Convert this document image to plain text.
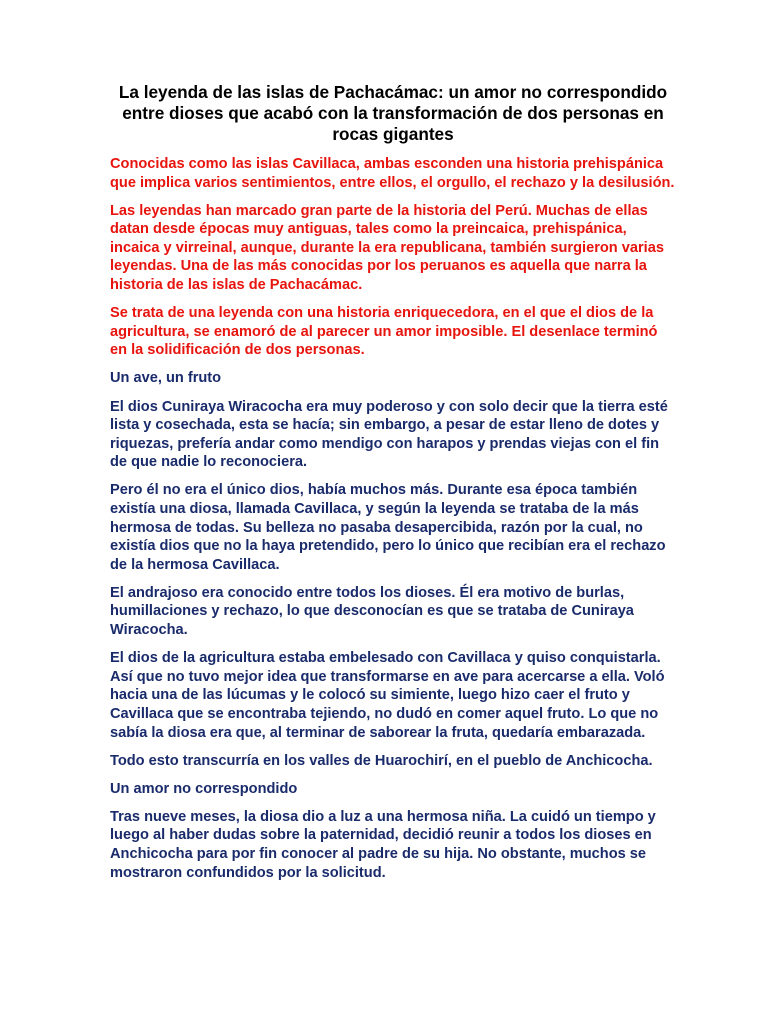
La leyenda de las islas de Pachacámac: un amor no correspondido entre dioses que acabó con la transformación de dos personas en rocas gigantes

Conocidas como las islas Cavillaca, ambas esconden una historia prehispánica que implica varios sentimientos, entre ellos, el orgullo, el rechazo y la desilusión.

Las leyendas han marcado gran parte de la historia del Perú. Muchas de ellas datan desde épocas muy antiguas, tales como la preincaica, prehispánica, incaica y virreinal, aunque, durante la era republicana, también surgieron varias leyendas. Una de las más conocidas por los peruanos es aquella que narra la historia de las islas de Pachacámac.

Se trata de una leyenda con una historia enriquecedora, en el que el dios de la agricultura, se enamoró de al parecer un amor imposible. El desenlace terminó en la solidificación de dos personas.

Un ave, un fruto

El dios Cuniraya Wiracocha era muy poderoso y con solo decir que la tierra esté lista y cosechada, esta se hacía; sin embargo, a pesar de estar lleno de dotes y riquezas, prefería andar como mendigo con harapos y prendas viejas con el fin de que nadie lo reconociera.

Pero él no era el único dios, había muchos más. Durante esa época también existía una diosa, llamada Cavillaca, y según la leyenda se trataba de la más hermosa de todas. Su belleza no pasaba desapercibida, razón por la cual, no existía dios que no la haya pretendido, pero lo único que recibían era el rechazo de la hermosa Cavillaca.

El andrajoso era conocido entre todos los dioses. Él era motivo de burlas, humillaciones y rechazo, lo que desconocían es que se trataba de Cuniraya Wiracocha.

El dios de la agricultura estaba embelesado con Cavillaca y quiso conquistarla. Así que no tuvo mejor idea que transformarse en ave para acercarse a ella. Voló hacia una de las lúcumas y le colocó su simiente, luego hizo caer el fruto y Cavillaca que se encontraba tejiendo, no dudó en comer aquel fruto. Lo que no sabía la diosa era que, al terminar de saborear la fruta, quedaría embarazada.

Todo esto transcurría en los valles de Huarochirí, en el pueblo de Anchicocha.

Un amor no correspondido

Tras nueve meses, la diosa dio a luz a una hermosa niña. La cuidó un tiempo y luego al haber dudas sobre la paternidad, decidió reunir a todos los dioses en Anchicocha para por fin conocer al padre de su hija. No obstante, muchos se mostraron confundidos por la solicitud.
